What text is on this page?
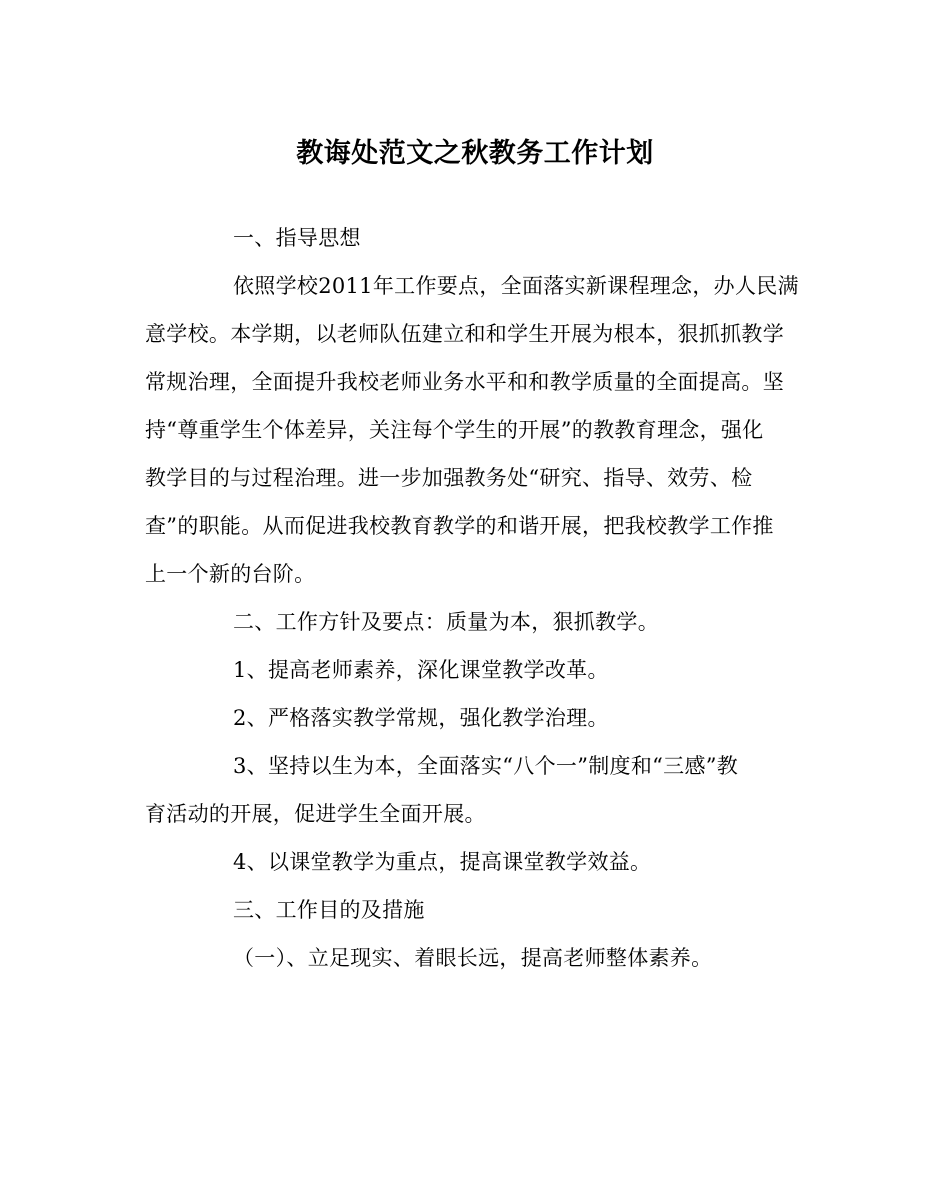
教诲处范文之秋教务工作计划
一、指导思想
依照学校2011年工作要点，全面落实新课程理念，办人民满
意学校。本学期，以老师队伍建立和和学生开展为根本，狠抓抓教学
常规治理，全面提升我校老师业务水平和和教学质量的全面提高。坚
持“尊重学生个体差异，关注每个学生的开展”的教教育理念，强化
教学目的与过程治理。进一步加强教务处“研究、指导、效劳、检
查”的职能。从而促进我校教育教学的和谐开展，把我校教学工作推
上一个新的台阶。
二、工作方针及要点：质量为本，狠抓教学。
1、提高老师素养，深化课堂教学改革。
2、严格落实教学常规，强化教学治理。
3、坚持以生为本，全面落实“八个一”制度和“三感”教
育活动的开展，促进学生全面开展。
4、以课堂教学为重点，提高课堂教学效益。
三、工作目的及措施
（一）、立足现实、着眼长远，提高老师整体素养。
